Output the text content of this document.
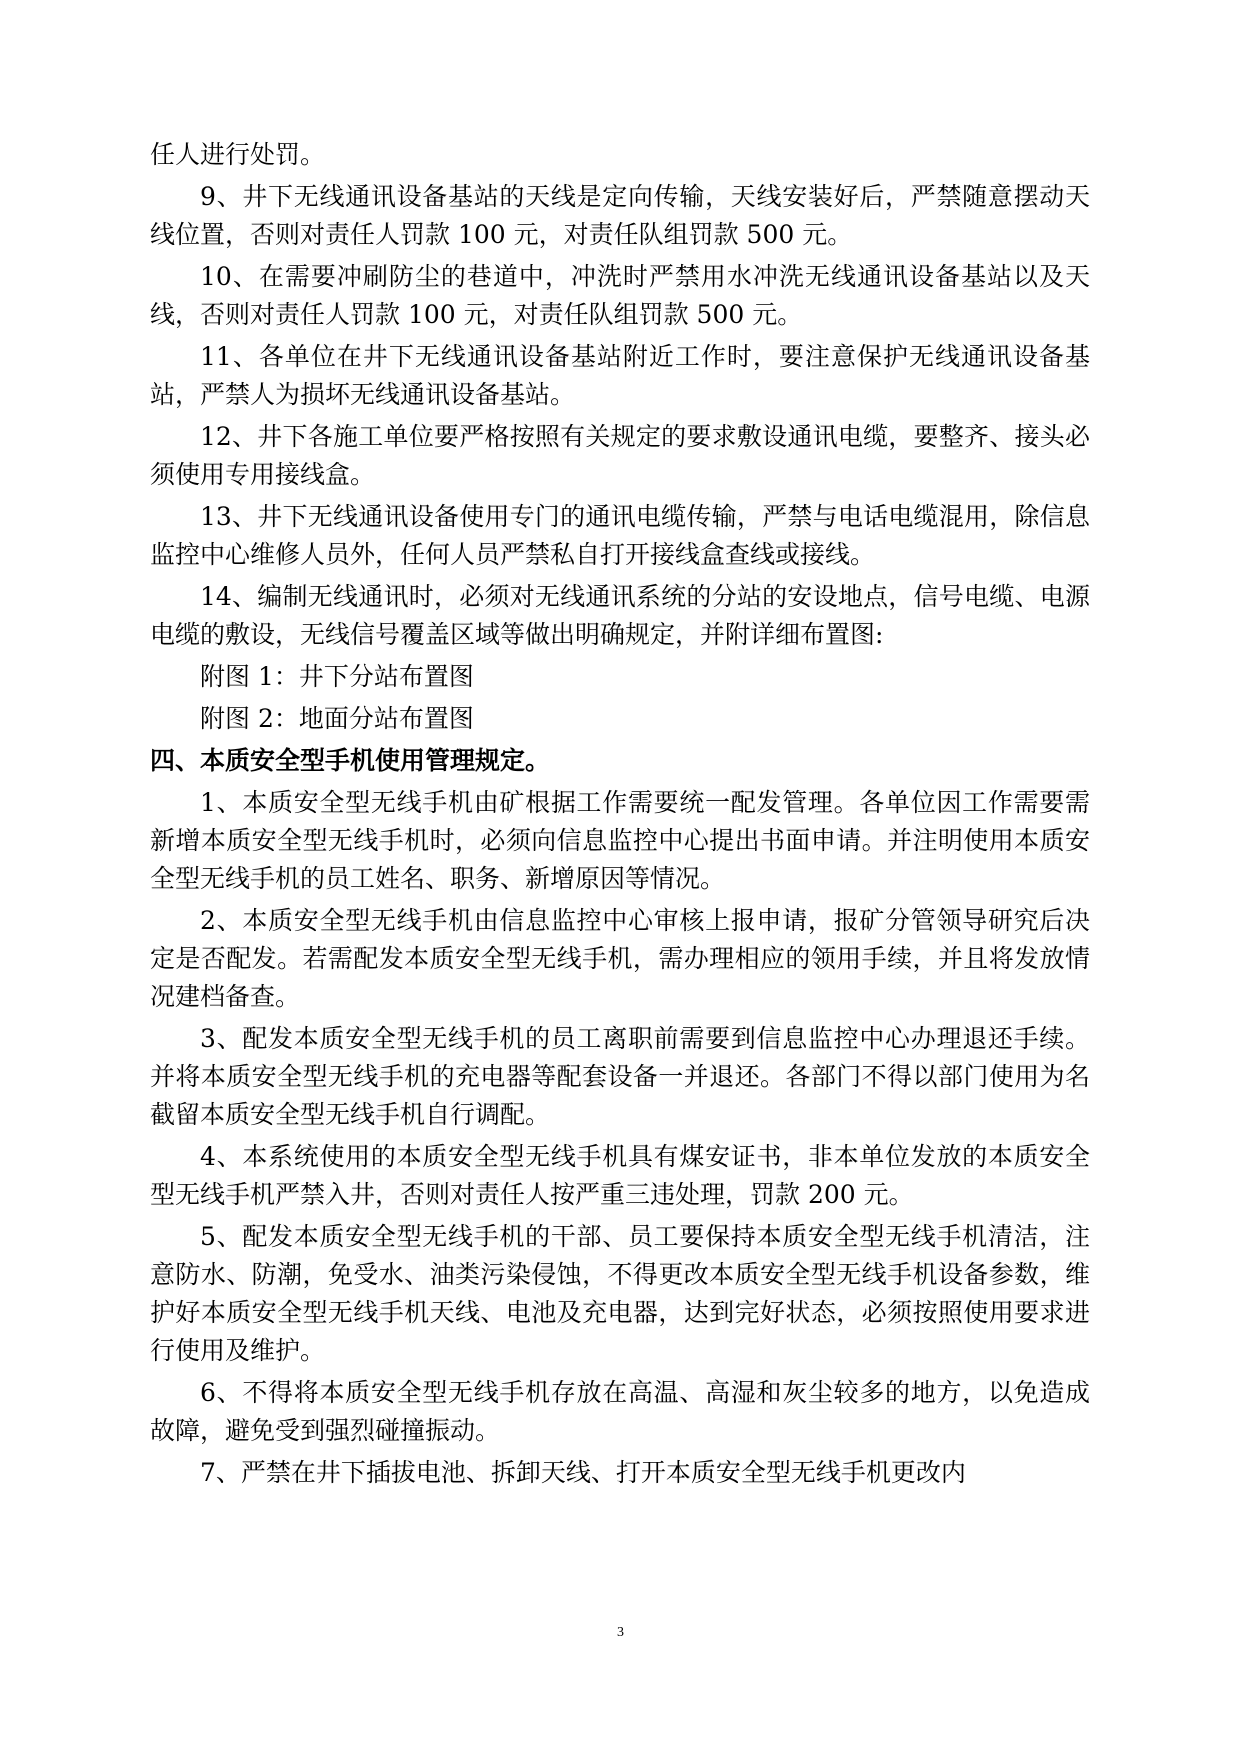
任人进行处罚。

9、井下无线通讯设备基站的天线是定向传输，天线安装好后，严禁随意摆动天线位置，否则对责任人罚款 100 元，对责任队组罚款 500 元。

10、在需要冲刷防尘的巷道中，冲洗时严禁用水冲洗无线通讯设备基站以及天线，否则对责任人罚款 100 元，对责任队组罚款 500 元。

11、各单位在井下无线通讯设备基站附近工作时，要注意保护无线通讯设备基站，严禁人为损坏无线通讯设备基站。

12、井下各施工单位要严格按照有关规定的要求敷设通讯电缆，要整齐、接头必须使用专用接线盒。

13、井下无线通讯设备使用专门的通讯电缆传输，严禁与电话电缆混用，除信息监控中心维修人员外，任何人员严禁私自打开接线盒查线或接线。

14、编制无线通讯时，必须对无线通讯系统的分站的安设地点，信号电缆、电源电缆的敷设，无线信号覆盖区域等做出明确规定，并附详细布置图:

附图 1：井下分站布置图

附图 2：地面分站布置图

四、本质安全型手机使用管理规定。

1、本质安全型无线手机由矿根据工作需要统一配发管理。各单位因工作需要需新增本质安全型无线手机时，必须向信息监控中心提出书面申请。并注明使用本质安全型无线手机的员工姓名、职务、新增原因等情况。

2、本质安全型无线手机由信息监控中心审核上报申请，报矿分管领导研究后决定是否配发。若需配发本质安全型无线手机，需办理相应的领用手续，并且将发放情况建档备查。

3、配发本质安全型无线手机的员工离职前需要到信息监控中心办理退还手续。并将本质安全型无线手机的充电器等配套设备一并退还。各部门不得以部门使用为名截留本质安全型无线手机自行调配。

4、本系统使用的本质安全型无线手机具有煤安证书，非本单位发放的本质安全型无线手机严禁入井，否则对责任人按严重三违处理，罚款 200 元。

5、配发本质安全型无线手机的干部、员工要保持本质安全型无线手机清洁，注意防水、防潮，免受水、油类污染侵蚀，不得更改本质安全型无线手机设备参数，维护好本质安全型无线手机天线、电池及充电器，达到完好状态，必须按照使用要求进行使用及维护。

6、不得将本质安全型无线手机存放在高温、高湿和灰尘较多的地方，以免造成故障，避免受到强烈碰撞振动。

7、严禁在井下插拔电池、拆卸天线、打开本质安全型无线手机更改内

3
